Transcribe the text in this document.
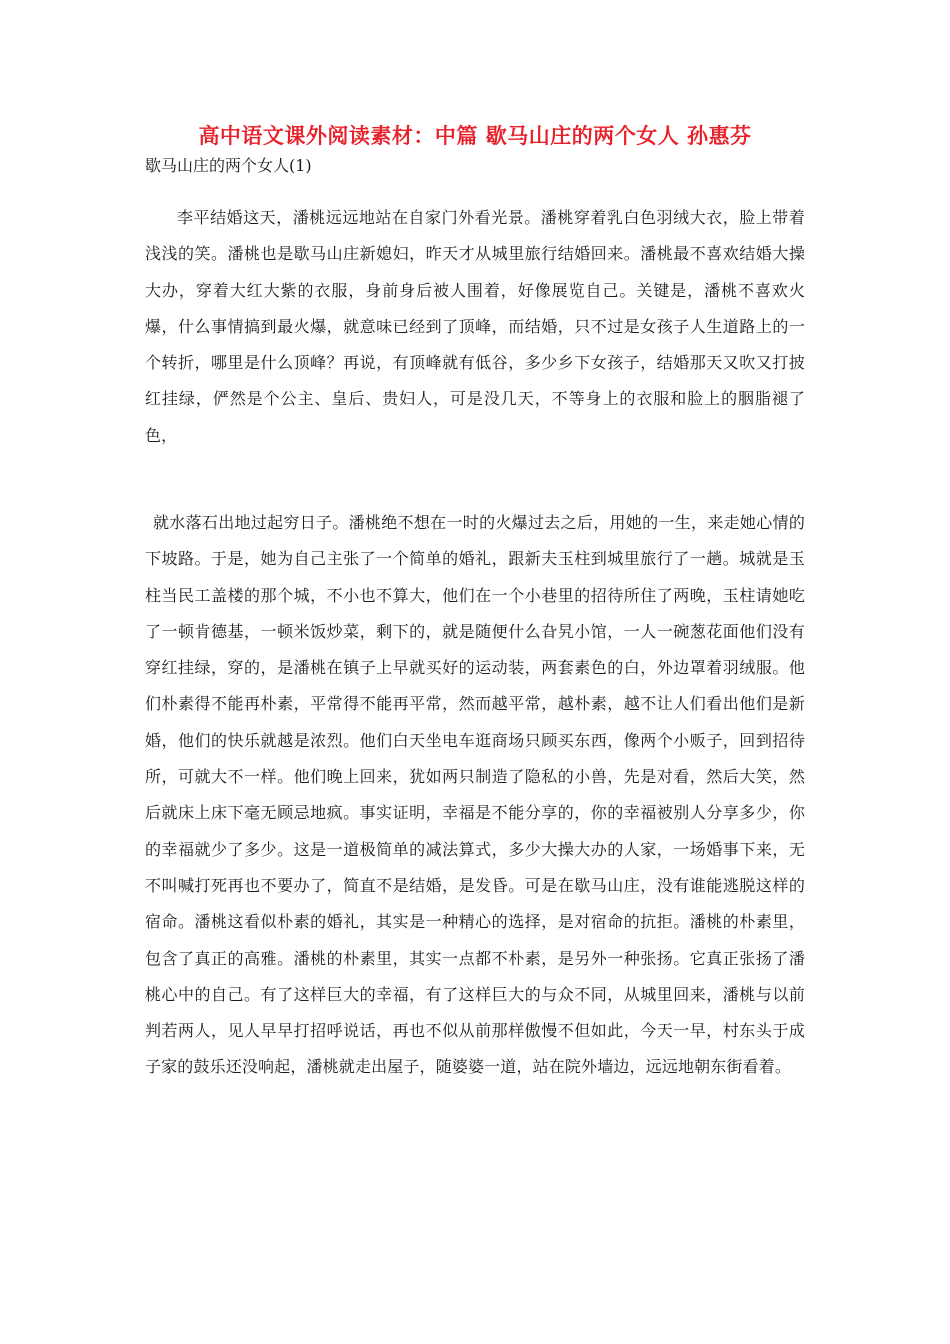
高中语文课外阅读素材：中篇 歇马山庄的两个女人 孙惠芬
歇马山庄的两个女人(1)
李平结婚这天，潘桃远远地站在自家门外看光景。潘桃穿着乳白色羽绒大衣，脸上带着浅浅的笑。潘桃也是歇马山庄新媳妇，昨天才从城里旅行结婚回来。潘桃最不喜欢结婚大操大办，穿着大红大紫的衣服，身前身后被人围着，好像展览自己。关键是，潘桃不喜欢火爆，什么事情搞到最火爆，就意味已经到了顶峰，而结婚，只不过是女孩子人生道路上的一个转折，哪里是什么顶峰？再说，有顶峰就有低谷，多少乡下女孩子，结婚那天又吹又打披红挂绿，俨然是个公主、皇后、贵妇人，可是没几天，不等身上的衣服和脸上的胭脂褪了色，
就水落石出地过起穷日子。潘桃绝不想在一时的火爆过去之后，用她的一生，来走她心情的下坡路。于是，她为自己主张了一个简单的婚礼，跟新夫玉柱到城里旅行了一趟。城就是玉柱当民工盖楼的那个城，不小也不算大，他们在一个小巷里的招待所住了两晚，玉柱请她吃了一顿肯德基，一顿米饭炒菜，剩下的，就是随便什么旮旯小馆，一人一碗葱花面他们没有穿红挂绿，穿的，是潘桃在镇子上早就买好的运动装，两套素色的白，外边罩着羽绒服。他们朴素得不能再朴素，平常得不能再平常，然而越平常，越朴素，越不让人们看出他们是新婚，他们的快乐就越是浓烈。他们白天坐电车逛商场只顾买东西，像两个小贩子，回到招待所，可就大不一样。他们晚上回来，犹如两只制造了隐私的小兽，先是对看，然后大笑，然后就床上床下毫无顾忌地疯。事实证明，幸福是不能分享的，你的幸福被别人分享多少，你的幸福就少了多少。这是一道极简单的减法算式，多少大操大办的人家，一场婚事下来，无不叫喊打死再也不要办了，简直不是结婚，是发昏。可是在歇马山庄，没有谁能逃脱这样的宿命。潘桃这看似朴素的婚礼，其实是一种精心的选择，是对宿命的抗拒。潘桃的朴素里，包含了真正的高雅。潘桃的朴素里，其实一点都不朴素，是另外一种张扬。它真正张扬了潘桃心中的自己。有了这样巨大的幸福，有了这样巨大的与众不同，从城里回来，潘桃与以前判若两人，见人早早打招呼说话，再也不似从前那样傲慢不但如此，今天一早，村东头于成子家的鼓乐还没响起，潘桃就走出屋子，随婆婆一道，站在院外墙边，远远地朝东街看着。
